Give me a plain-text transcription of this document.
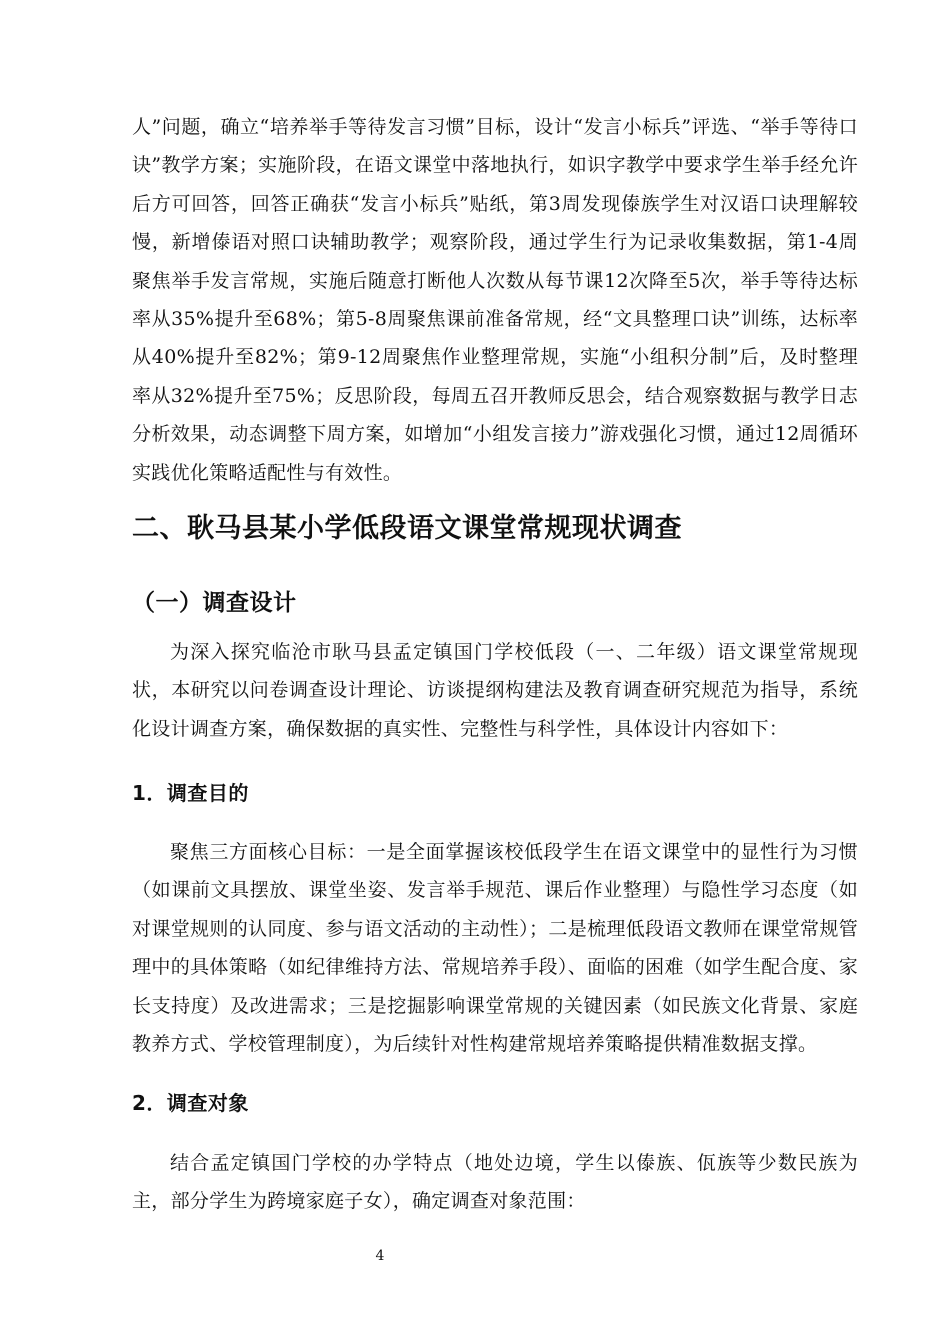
人”问题，确立“培养举手等待发言习惯”目标，设计“发言小标兵”评选、“举手等待口诀”教学方案；实施阶段，在语文课堂中落地执行，如识字教学中要求学生举手经允许后方可回答，回答正确获“发言小标兵”贴纸，第3周发现傣族学生对汉语口诀理解较慢，新增傣语对照口诀辅助教学；观察阶段，通过学生行为记录收集数据，第1-4周聚焦举手发言常规，实施后随意打断他人次数从每节课12次降至5次，举手等待达标率从35%提升至68%；第5-8周聚焦课前准备常规，经“文具整理口诀”训练，达标率从40%提升至82%；第9-12周聚焦作业整理常规，实施“小组积分制”后，及时整理率从32%提升至75%；反思阶段，每周五召开教师反思会，结合观察数据与教学日志分析效果，动态调整下周方案，如增加“小组发言接力”游戏强化习惯，通过12周循环实践优化策略适配性与有效性。

二、耿马县某小学低段语文课堂常规现状调查
（一）调查设计

为深入探究临沧市耿马县孟定镇国门学校低段（一、二年级）语文课堂常规现状，本研究以问卷调查设计理论、访谈提纲构建法及教育调查研究规范为指导，系统化设计调查方案，确保数据的真实性、完整性与科学性，具体设计内容如下：

1．调查目的

聚焦三方面核心目标：一是全面掌握该校低段学生在语文课堂中的显性行为习惯（如课前文具摆放、课堂坐姿、发言举手规范、课后作业整理）与隐性学习态度（如对课堂规则的认同度、参与语文活动的主动性）；二是梳理低段语文教师在课堂常规管理中的具体策略（如纪律维持方法、常规培养手段）、面临的困难（如学生配合度、家长支持度）及改进需求；三是挖掘影响课堂常规的关键因素（如民族文化背景、家庭教养方式、学校管理制度），为后续针对性构建常规培养策略提供精准数据支撑。

2．调查对象

结合孟定镇国门学校的办学特点（地处边境，学生以傣族、佤族等少数民族为主，部分学生为跨境家庭子女），确定调查对象范围：

4
